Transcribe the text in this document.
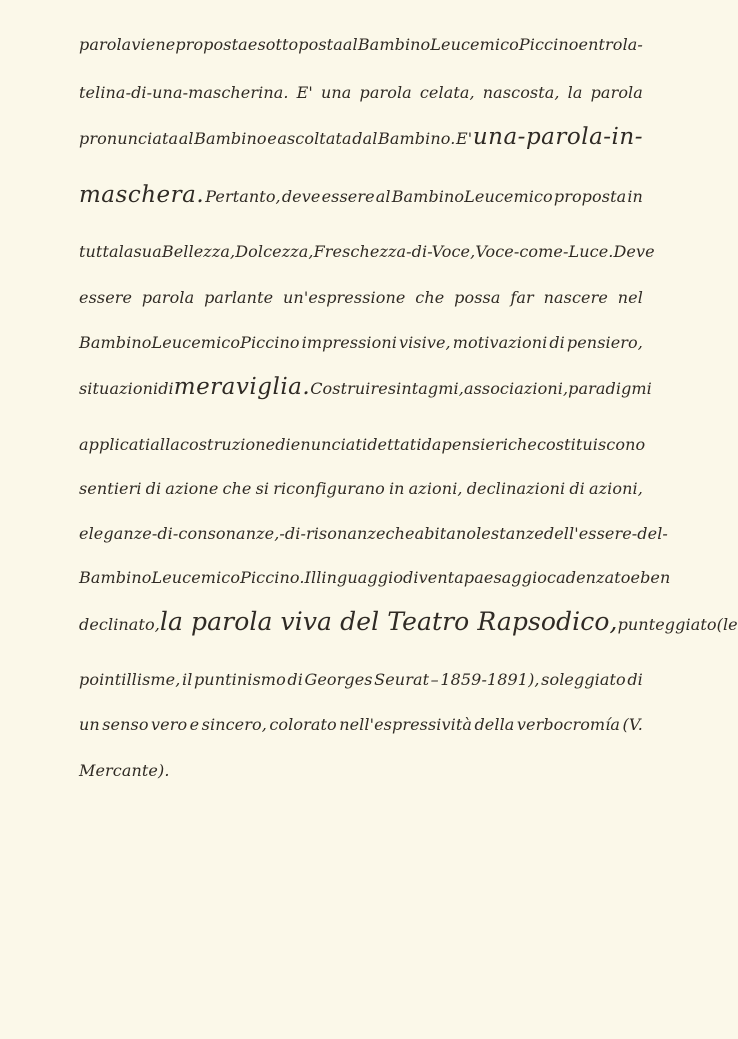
parola viene proposta e sottoposta al BambinoLeucemicoPiccino entro la-
telina-di-una-mascherina. E' una parola celata, nascosta, la parola
pronunciata al Bambino e ascoltata dal Bambino. E' una-parola-in-
maschera. Pertanto, deve essere al BambinoLeucemico proposta in
tutta la sua Bellezza, Dolcezza, Freschezza-di-Voce, Voce-come-Luce. Deve
essere parola parlante un'espressione che possa far nascere nel
BambinoLeucemicoPiccino impressioni visive, motivazioni di pensiero,
situazioni di meraviglia. Costruire sintagmi, associazioni, paradigmi
applicati alla costruzione di enunciati dettati da pensieri che costituiscono
sentieri di azione che si riconfigurano in azioni, declinazioni di azioni,
eleganze-di-consonanze, -di-risonanze che abitano le stanze dell'essere-del-
BambinoLeucemicoPiccino. Il linguaggio diventa paesaggio cadenzato e ben
declinato, la parola viva del Teatro Rapsodico, punteggiato (le
pointillisme, il puntinismo di Georges Seurat – 1859-1891), soleggiato di
un senso vero e sincero, colorato nell'espressività della verbocromía (V.
Mercante).
